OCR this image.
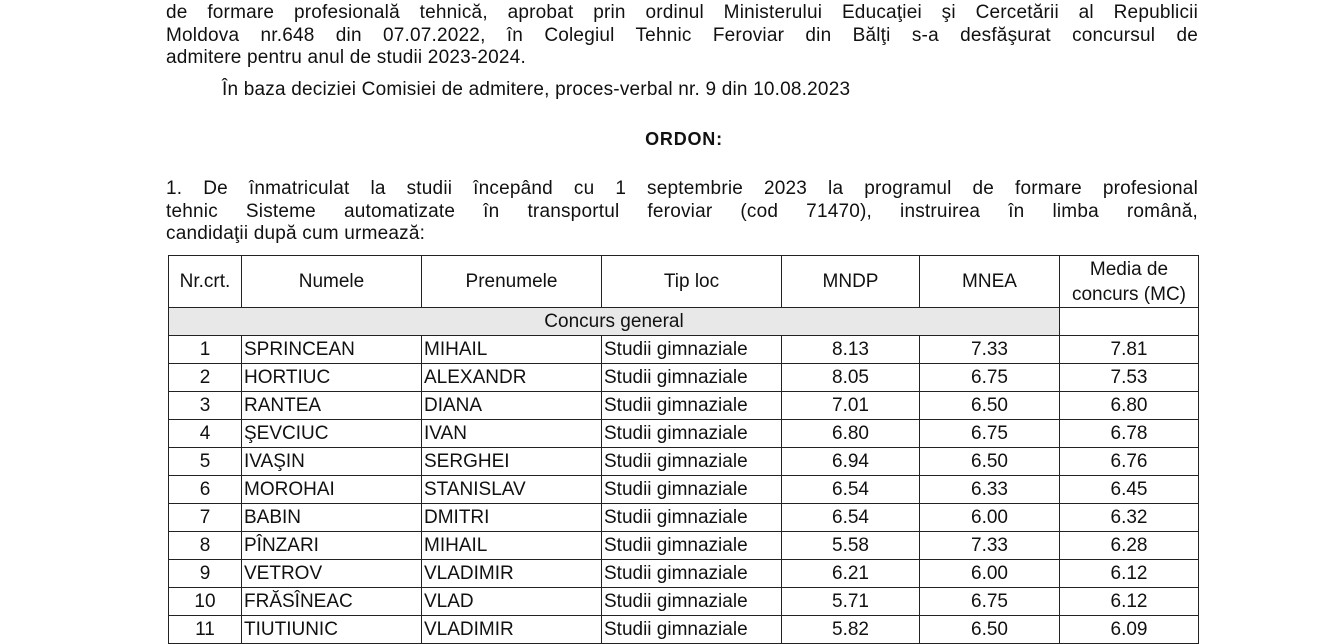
de formare profesională tehnică, aprobat prin ordinul Ministerului Educaţiei şi Cercetării al Republicii
Moldova nr.648 din 07.07.2022, în Colegiul Tehnic Feroviar din Bălţi s-a desfăşurat concursul de
admitere pentru anul de studii 2023-2024.
În baza deciziei Comisiei de admitere, proces-verbal nr. 9 din 10.08.2023
ORDON:
1. De înmatriculat la studii începând cu 1 septembrie 2023 la programul de formare profesional
tehnic Sisteme automatizate în transportul feroviar (cod 71470), instruirea în limba română,
candidaţii după cum urmează:
Nr.crt.	Numele	Prenumele	Tip loc	MNDP	MNEA	Media de concurs (MC)
Concurs general						
1	SPRINCEAN	MIHAIL	Studii gimnaziale	8.13	7.33	7.81
2	HORTIUC	ALEXANDR	Studii gimnaziale	8.05	6.75	7.53
3	RANTEA	DIANA	Studii gimnaziale	7.01	6.50	6.80
4	ŞEVCIUC	IVAN	Studii gimnaziale	6.80	6.75	6.78
5	IVAŞIN	SERGHEI	Studii gimnaziale	6.94	6.50	6.76
6	MOROHAI	STANISLAV	Studii gimnaziale	6.54	6.33	6.45
7	BABIN	DMITRI	Studii gimnaziale	6.54	6.00	6.32
8	PÎNZARI	MIHAIL	Studii gimnaziale	5.58	7.33	6.28
9	VETROV	VLADIMIR	Studii gimnaziale	6.21	6.00	6.12
10	FRĂSÎNEAC	VLAD	Studii gimnaziale	5.71	6.75	6.12
11	TIUTIUNIC	VLADIMIR	Studii gimnaziale	5.82	6.50	6.09
